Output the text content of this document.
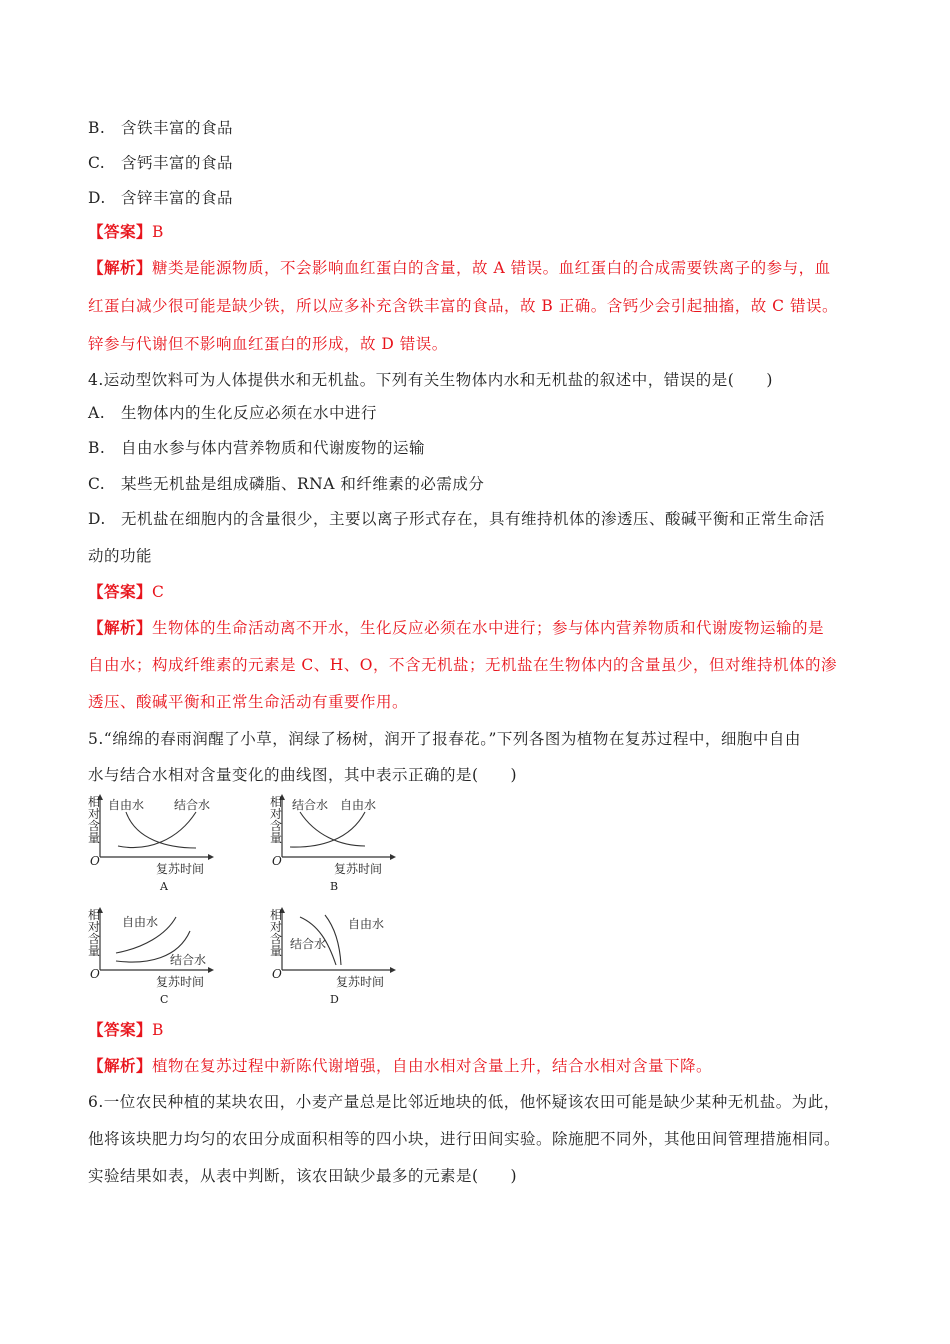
B. 含铁丰富的食品
C. 含钙丰富的食品
D. 含锌丰富的食品
【答案】B
【解析】糖类是能源物质，不会影响血红蛋白的含量，故 A 错误。血红蛋白的合成需要铁离子的参与，血
红蛋白减少很可能是缺少铁，所以应多补充含铁丰富的食品，故 B 正确。含钙少会引起抽搐，故 C 错误。
锌参与代谢但不影响血红蛋白的形成，故 D 错误。
4.运动型饮料可为人体提供水和无机盐。下列有关生物体内水和无机盐的叙述中，错误的是(　　)
A. 生物体内的生化反应必须在水中进行
B. 自由水参与体内营养物质和代谢废物的运输
C. 某些无机盐是组成磷脂、RNA 和纤维素的必需成分
D. 无机盐在细胞内的含量很少，主要以离子形式存在，具有维持机体的渗透压、酸碱平衡和正常生命活
动的功能
【答案】C
【解析】生物体的生命活动离不开水，生化反应必须在水中进行；参与体内营养物质和代谢废物运输的是
自由水；构成纤维素的元素是 C、H、O，不含无机盐；无机盐在生物体内的含量虽少，但对维持机体的渗
透压、酸碱平衡和正常生命活动有重要作用。
5.“绵绵的春雨润醒了小草，润绿了杨树，润开了报春花。”下列各图为植物在复苏过程中，细胞中自由
水与结合水相对含量变化的曲线图，其中表示正确的是(　　)
相对含量
自由水 结合水
O
复苏时间
A
相对含量
结合水 自由水
O
复苏时间
B
相对含量
自由水
结合水
O
复苏时间
C
相对含量 结合水
自由水
O
复苏时间
D
【答案】B
【解析】植物在复苏过程中新陈代谢增强，自由水相对含量上升，结合水相对含量下降。
6.一位农民种植的某块农田，小麦产量总是比邻近地块的低，他怀疑该农田可能是缺少某种无机盐。为此，
他将该块肥力均匀的农田分成面积相等的四小块，进行田间实验。除施肥不同外，其他田间管理措施相同。
实验结果如表，从表中判断，该农田缺少最多的元素是(　　)
